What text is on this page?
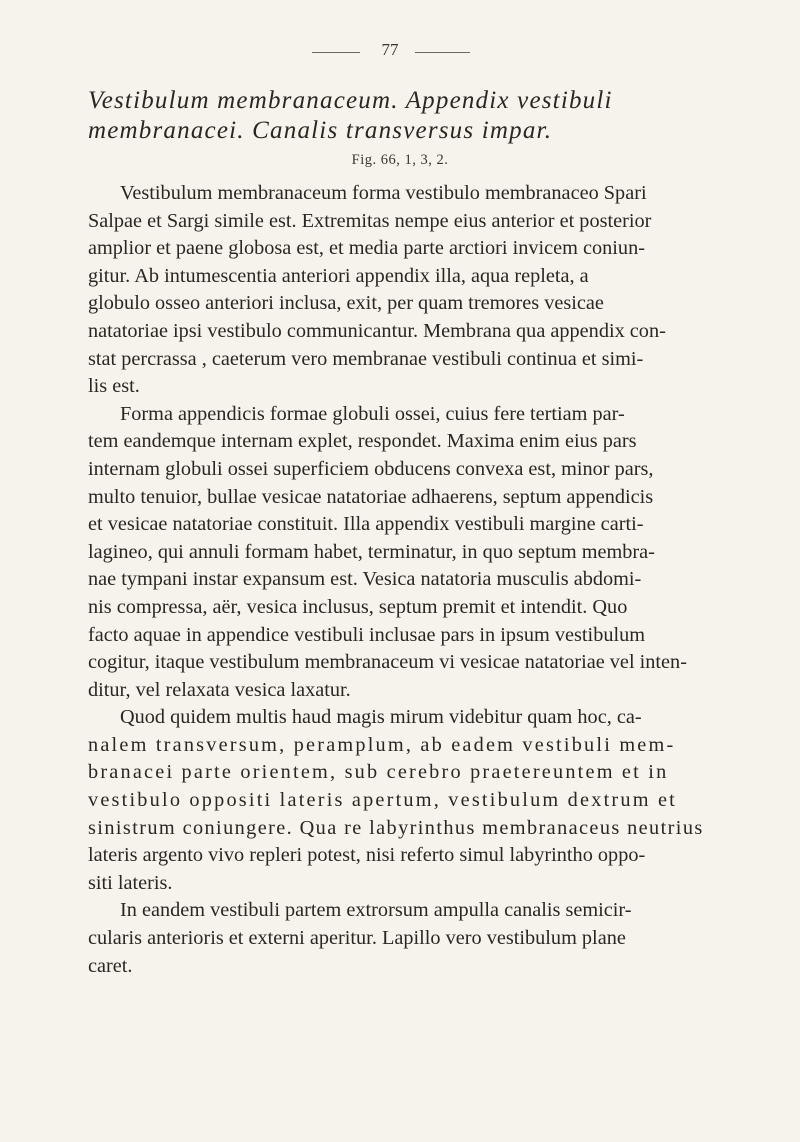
77
Vestibulum membranaceum. Appendix vestibuli
membranacei. Canalis transversus impar.
Fig. 66, 1, 3, 2.
Vestibulum membranaceum forma vestibulo membranaceo Spari
Salpae et Sargi simile est. Extremitas nempe eius anterior et posterior
amplior et paene globosa est, et media parte arctiori invicem coniun-
gitur. Ab intumescentia anteriori appendix illa, aqua repleta, a
globulo osseo anteriori inclusa, exit, per quam tremores vesicae
natatoriae ipsi vestibulo communicantur. Membrana qua appendix con-
stat percrassa , caeterum vero membranae vestibuli continua et simi-
lis est.
Forma appendicis formae globuli ossei, cuius fere tertiam par-
tem eandemque internam explet, respondet. Maxima enim eius pars
internam globuli ossei superficiem obducens convexa est, minor pars,
multo tenuior, bullae vesicae natatoriae adhaerens, septum appendicis
et vesicae natatoriae constituit. Illa appendix vestibuli margine carti-
lagineo, qui annuli formam habet, terminatur, in quo septum membra-
nae tympani instar expansum est. Vesica natatoria musculis abdomi-
nis compressa, aër, vesica inclusus, septum premit et intendit. Quo
facto aquae in appendice vestibuli inclusae pars in ipsum vestibulum
cogitur, itaque vestibulum membranaceum vi vesicae natatoriae vel inten-
ditur, vel relaxata vesica laxatur.
Quod quidem multis haud magis mirum videbitur quam hoc, ca-
nalem transversum, peramplum, ab eadem vestibuli mem-
branacei parte orientem, sub cerebro praetereuntem et in
vestibulo oppositi lateris apertum, vestibulum dextrum et
sinistrum coniungere. Qua re labyrinthus membranaceus neutrius
lateris argento vivo repleri potest, nisi referto simul labyrintho oppo-
siti lateris.
In eandem vestibuli partem extrorsum ampulla canalis semicir-
cularis anterioris et externi aperitur. Lapillo vero vestibulum plane
caret.
